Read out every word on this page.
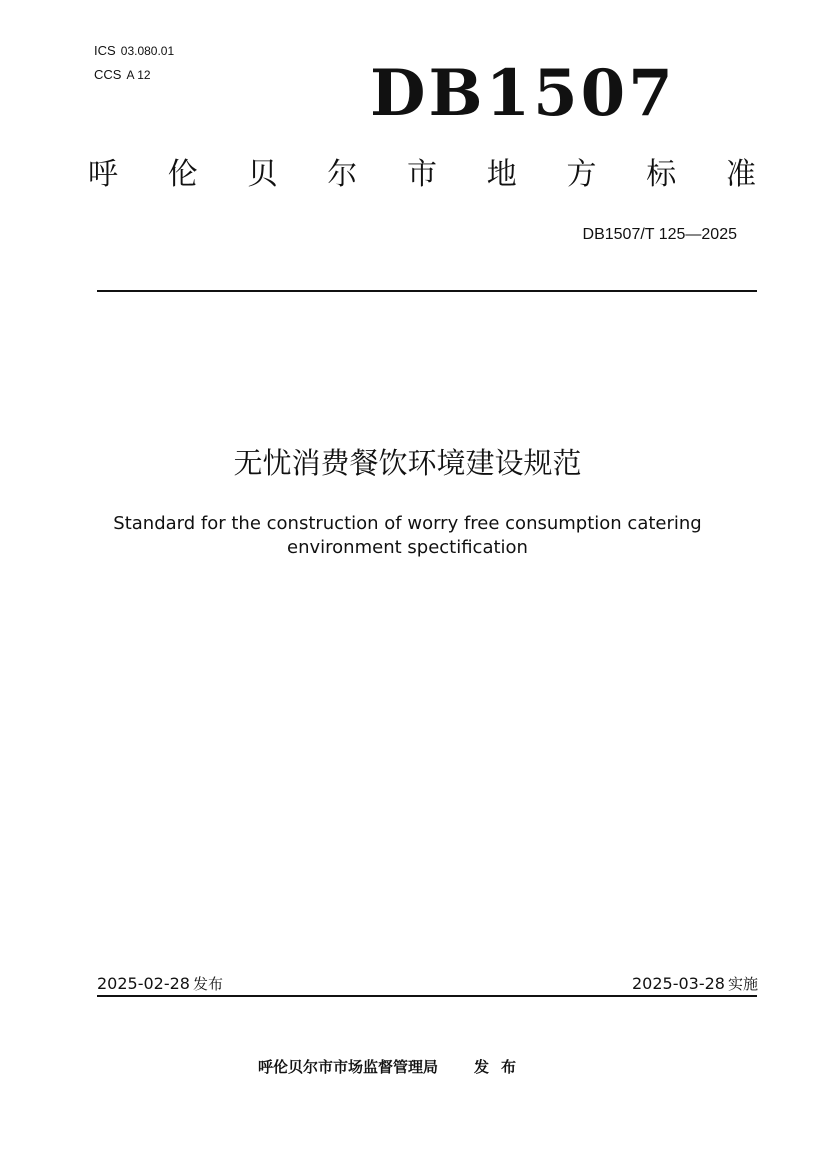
ICS 03.080.01
CCS A 12	DB1507
呼 伦 贝 尔 市 地 方 标 准
DB1507/T 125—2025
无忧消费餐饮环境建设规范
Standard for the construction of worry free consumption catering environment spectification
2025-02-28 发布	2025-03-28 实施
呼伦贝尔市市场监督管理局 发布
